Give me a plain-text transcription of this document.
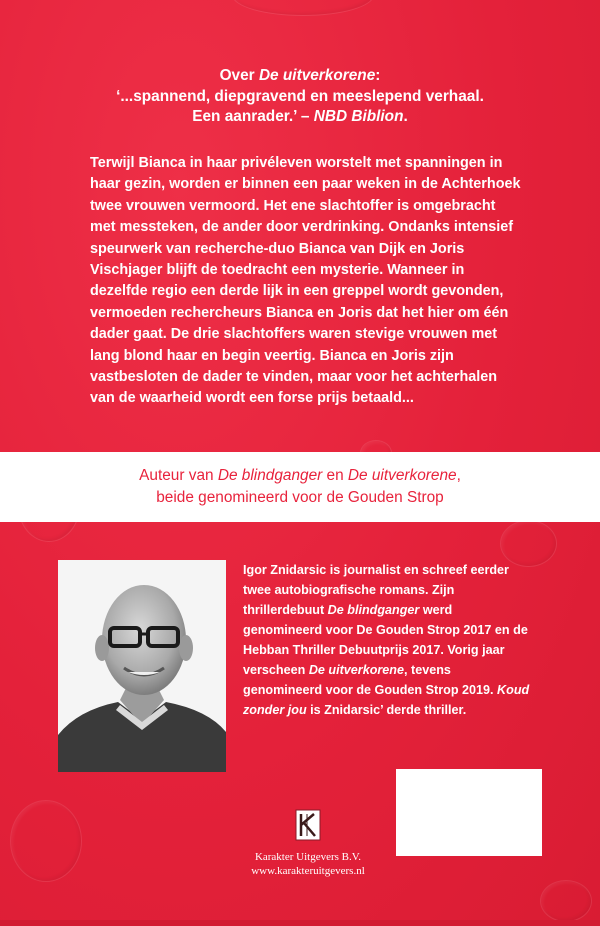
Over De uitverkorene:
‘...spannend, diepgravend en meeslepend verhaal.
Een aanrader.’ – NBD Biblion.

Terwijl Bianca in haar privéleven worstelt met spanningen in haar gezin, worden er binnen een paar weken in de Achterhoek twee vrouwen vermoord. Het ene slachtoffer is omgebracht met messteken, de ander door verdrinking. Ondanks intensief speurwerk van recherche-duo Bianca van Dijk en Joris Vischjager blijft de toedracht een mysterie. Wanneer in dezelfde regio een derde lijk in een greppel wordt gevonden, vermoeden rechercheurs Bianca en Joris dat het hier om één dader gaat. De drie slachtoffers waren stevige vrouwen met lang blond haar en begin veertig. Bianca en Joris zijn vastbesloten de dader te vinden, maar voor het achterhalen van de waarheid wordt een forse prijs betaald...

Auteur van De blindganger en De uitverkorene,
beide genomineerd voor de Gouden Strop
Igor Znidarsic is journalist en schreef eerder twee autobiografische romans. Zijn thrillerdebuut De blindganger werd genomineerd voor De Gouden Strop 2017 en de Hebban Thriller Debuutprijs 2017. Vorig jaar verscheen De uitverkorene, tevens genomineerd voor de Gouden Strop 2019. Koud zonder jou is Znidarsic’ derde thriller.
Karakter Uitgevers B.V.
www.karakteruitgevers.nl
